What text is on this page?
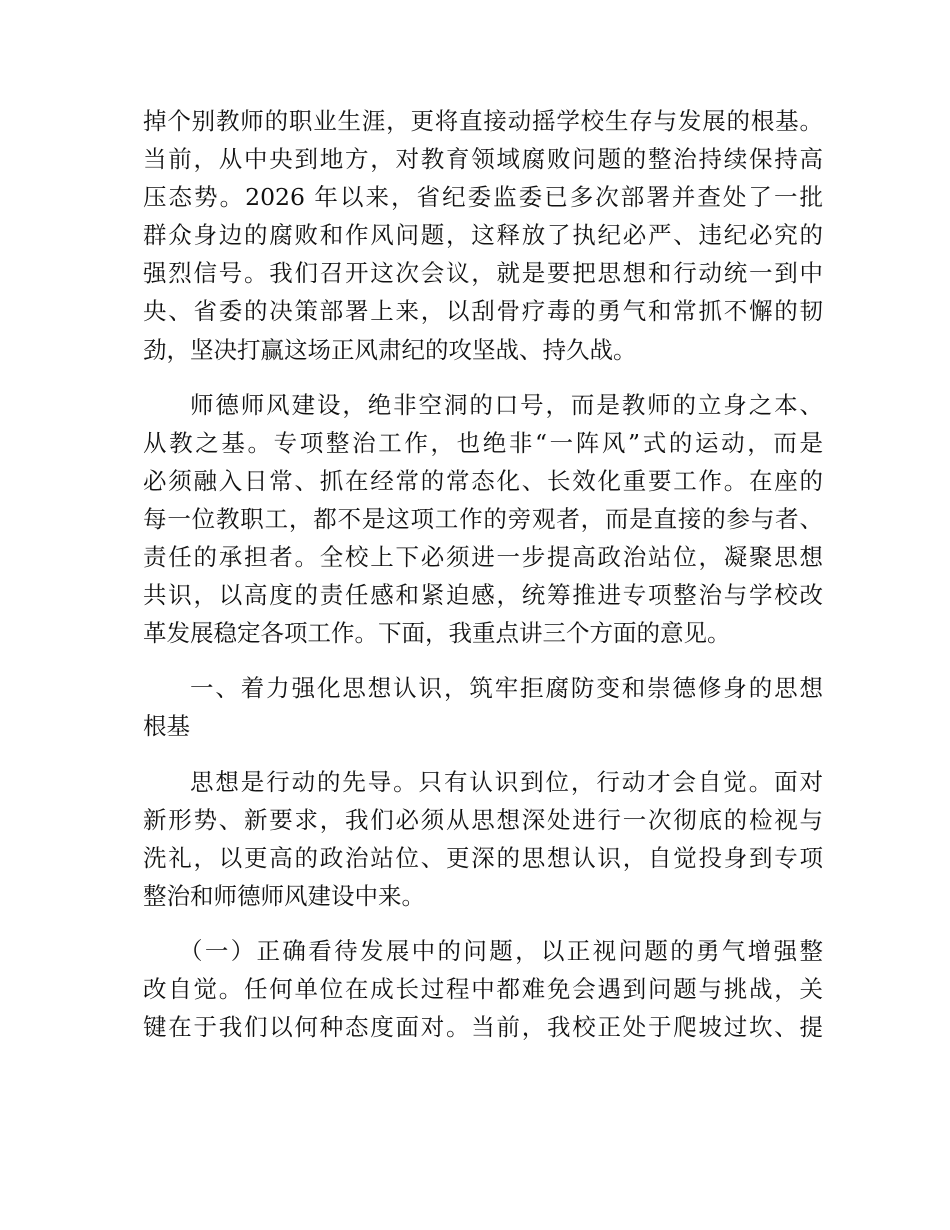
掉个别教师的职业生涯，更将直接动摇学校生存与发展的根基。
当前，从中央到地方，对教育领域腐败问题的整治持续保持高
压态势。2026 年以来，省纪委监委已多次部署并查处了一批
群众身边的腐败和作风问题，这释放了执纪必严、违纪必究的
强烈信号。我们召开这次会议，就是要把思想和行动统一到中
央、省委的决策部署上来，以刮骨疗毒的勇气和常抓不懈的韧
劲，坚决打赢这场正风肃纪的攻坚战、持久战。
师德师风建设，绝非空洞的口号，而是教师的立身之本、
从教之基。专项整治工作，也绝非“一阵风”式的运动，而是
必须融入日常、抓在经常的常态化、长效化重要工作。在座的
每一位教职工，都不是这项工作的旁观者，而是直接的参与者、
责任的承担者。全校上下必须进一步提高政治站位，凝聚思想
共识，以高度的责任感和紧迫感，统筹推进专项整治与学校改
革发展稳定各项工作。下面，我重点讲三个方面的意见。
一、着力强化思想认识，筑牢拒腐防变和崇德修身的思想
根基
思想是行动的先导。只有认识到位，行动才会自觉。面对
新形势、新要求，我们必须从思想深处进行一次彻底的检视与
洗礼，以更高的政治站位、更深的思想认识，自觉投身到专项
整治和师德师风建设中来。
（一）正确看待发展中的问题，以正视问题的勇气增强整
改自觉。任何单位在成长过程中都难免会遇到问题与挑战，关
键在于我们以何种态度面对。当前，我校正处于爬坡过坎、提
